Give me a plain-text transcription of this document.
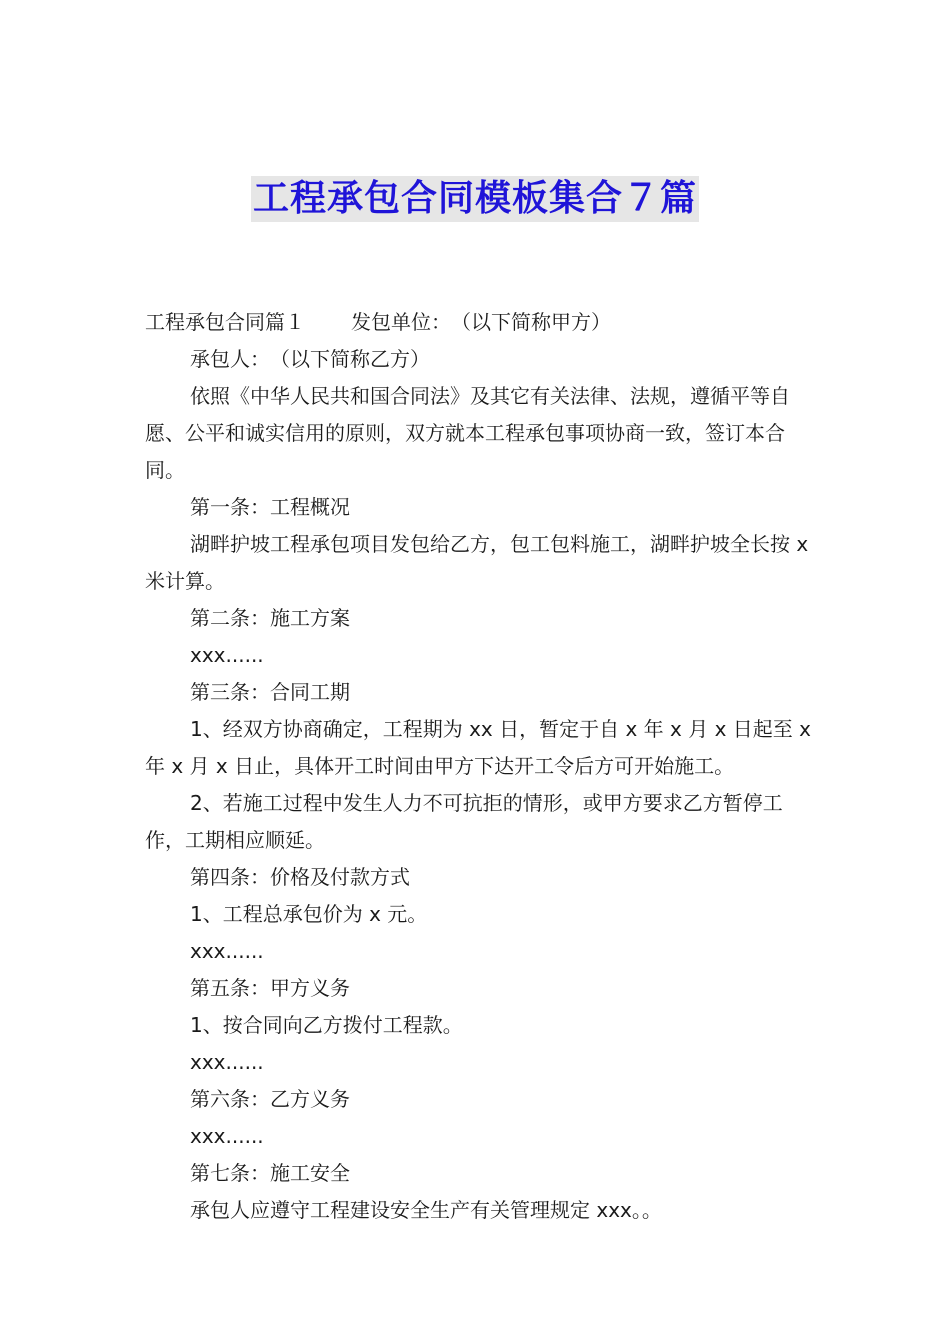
工程承包合同模板集合７篇

工程承包合同篇１ 发包单位：　（以下简称甲方）

承包人：　（以下简称乙方）

依照《中华人民共和国合同法》及其它有关法律、法规，遵循平等自愿、公平和诚实信用的原则，双方就本工程承包事项协商一致，签订本合同。

第一条：工程概况

湖畔护坡工程承包项目发包给乙方，包工包料施工，湖畔护坡全长按 x 米计算。

第二条：施工方案

xxx......

第三条：合同工期

1、经双方协商确定，工程期为 xx 日，暂定于自 x 年 x 月 x 日起至 x 年 x 月 x 日止，具体开工时间由甲方下达开工令后方可开始施工。

2、若施工过程中发生人力不可抗拒的情形，或甲方要求乙方暂停工作，工期相应顺延。

第四条：价格及付款方式

1、工程总承包价为 x 元。

xxx......

第五条：甲方义务

1、按合同向乙方拨付工程款。

xxx......

第六条：乙方义务

xxx......

第七条：施工安全

承包人应遵守工程建设安全生产有关管理规定 xxx。。
